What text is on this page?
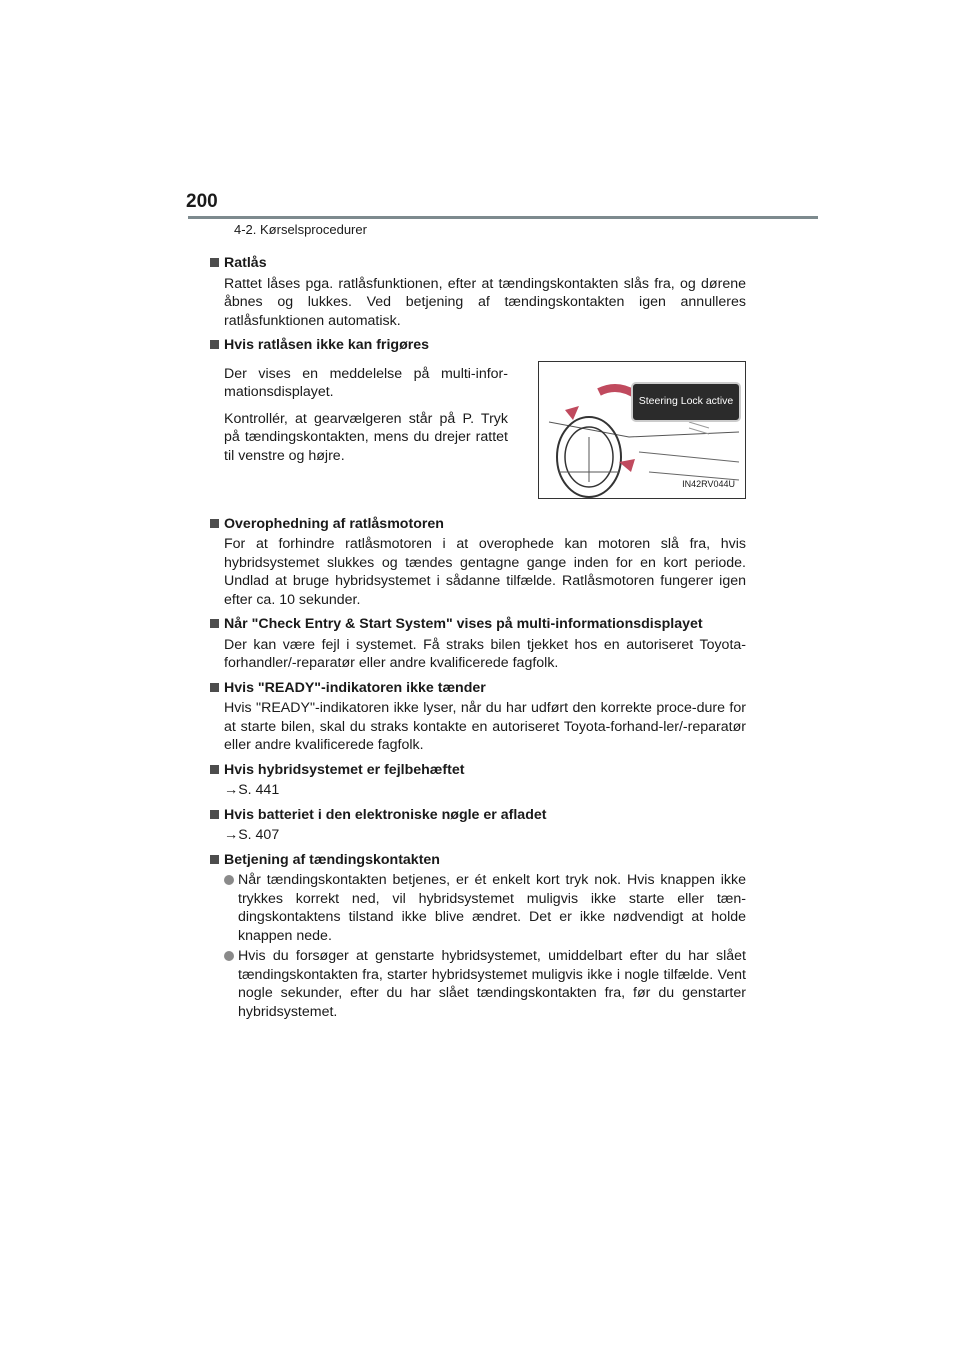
200
4-2. Kørselsprocedurer

Ratlås

Rattet låses pga. ratlåsfunktionen, efter at tændingskontakten slås fra, og dørene åbnes og lukkes. Ved betjening af tændingskontakten igen annulleres ratlåsfunktionen automatisk.

Hvis ratlåsen ikke kan frigøres

Der vises en meddelelse på multi-infor-mationsdisplayet.

Kontrollér, at gearvælgeren står på P. Tryk på tændingskontakten, mens du drejer rattet til venstre og højre.

Steering Lock active
IN42RV044U

Overophedning af ratlåsmotoren

For at forhindre ratlåsmotoren i at overophede kan motoren slå fra, hvis hybridsystemet slukkes og tændes gentagne gange inden for en kort periode. Undlad at bruge hybridsystemet i sådanne tilfælde. Ratlåsmotoren fungerer igen efter ca. 10 sekunder.

Når "Check Entry & Start System" vises på multi-informationsdisplayet

Der kan være fejl i systemet. Få straks bilen tjekket hos en autoriseret Toyota-forhandler/-reparatør eller andre kvalificerede fagfolk.

Hvis "READY"-indikatoren ikke tænder

Hvis "READY"-indikatoren ikke lyser, når du har udført den korrekte proce-dure for at starte bilen, skal du straks kontakte en autoriseret Toyota-forhand-ler/-reparatør eller andre kvalificerede fagfolk.

Hvis hybridsystemet er fejlbehæftet

→S. 441

Hvis batteriet i den elektroniske nøgle er afladet

→S. 407

Betjening af tændingskontakten

Når tændingskontakten betjenes, er ét enkelt kort tryk nok. Hvis knappen ikke trykkes korrekt ned, vil hybridsystemet muligvis ikke starte eller tæn-dingskontaktens tilstand ikke blive ændret. Det er ikke nødvendigt at holde knappen nede.

Hvis du forsøger at genstarte hybridsystemet, umiddelbart efter du har slået tændingskontakten fra, starter hybridsystemet muligvis ikke i nogle tilfælde. Vent nogle sekunder, efter du har slået tændingskontakten fra, før du genstarter hybridsystemet.
